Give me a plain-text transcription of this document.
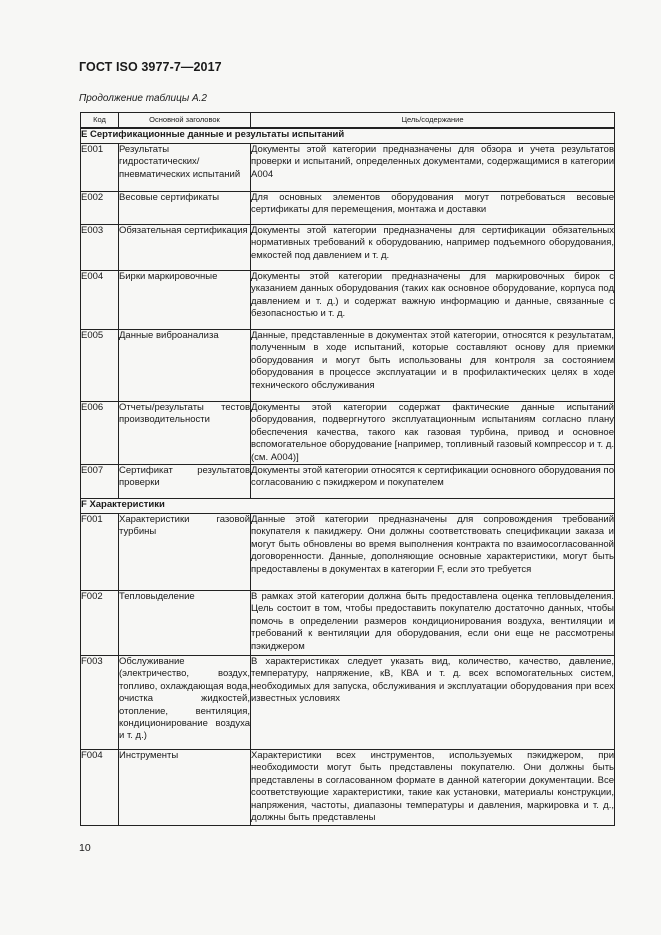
ГОСТ ISO 3977-7—2017
Продолжение таблицы А.2
Код	Основной заголовок	Цель/содержание
Е Сертификационные данные и результаты испытаний		
Е001	Результаты гидростатических/пневматических испытаний	Документы этой категории предназначены для обзора и учета результатов проверки и испытаний, определенных документами, содержащимися в категории А004
Е002	Весовые сертификаты	Для основных элементов оборудования могут потребоваться весовые сертификаты для перемещения, монтажа и доставки
Е003	Обязательная сертификация	Документы этой категории предназначены для сертификации обязательных нормативных требований к оборудованию, например подъемного оборудования, емкостей под давлением и т. д.
Е004	Бирки маркировочные	Документы этой категории предназначены для маркировочных бирок с указанием данных оборудования (таких как основное оборудование, корпуса под давлением и т. д.) и содержат важную информацию и данные, связанные с безопасностью и т. д.
Е005	Данные виброанализа	Данные, представленные в документах этой категории, относятся к результатам, полученным в ходе испытаний, которые составляют основу для приемки оборудования и могут быть использованы для контроля за состоянием оборудования в процессе эксплуатации и в профилактических целях в ходе технического обслуживания
Е006	Отчеты/результаты тестов производительности	Документы этой категории содержат фактические данные испытаний оборудования, подвергнутого эксплуатационным испытаниям согласно плану обеспечения качества, такого как газовая турбина, привод и основное вспомогательное оборудование [например, топливный газовый компрессор и т. д. (см. А004)]
Е007	Сертификат результатов проверки	Документы этой категории относятся к сертификации основного оборудования по согласованию с пэкиджером и покупателем
F Характеристики		
F001	Характеристики газовой турбины	Данные этой категории предназначены для сопровождения требований покупателя к пакиджеру. Они должны соответствовать спецификации заказа и могут быть обновлены во время выполнения контракта по взаимосогласованной договоренности. Данные, дополняющие основные характеристики, могут быть предоставлены в документах в категории F, если это требуется
F002	Тепловыделение	В рамках этой категории должна быть предоставлена оценка тепловыделения. Цель состоит в том, чтобы предоставить покупателю достаточно данных, чтобы помочь в определении размеров кондиционирования воздуха, вентиляции и требований к вентиляции для оборудования, если они еще не рассмотрены пэкиджером
F003	Обслуживание (электричество, воздух, топливо, охлаждающая вода, очистка жидкостей, отопление, вентиляция, кондиционирование воздуха и т. д.)	В характеристиках следует указать вид, количество, качество, давление, температуру, напряжение, кВ, КВА и т. д. всех вспомогательных систем, необходимых для запуска, обслуживания и эксплуатации оборудования при всех известных условиях
F004	Инструменты	Характеристики всех инструментов, используемых пэкиджером, при необходимости могут быть представлены покупателю. Они должны быть представлены в согласованном формате в данной категории документации. Все соответствующие характеристики, такие как установки, материалы конструкции, напряжения, частоты, диапазоны температуры и давления, маркировка и т. д., должны быть представлены
10
